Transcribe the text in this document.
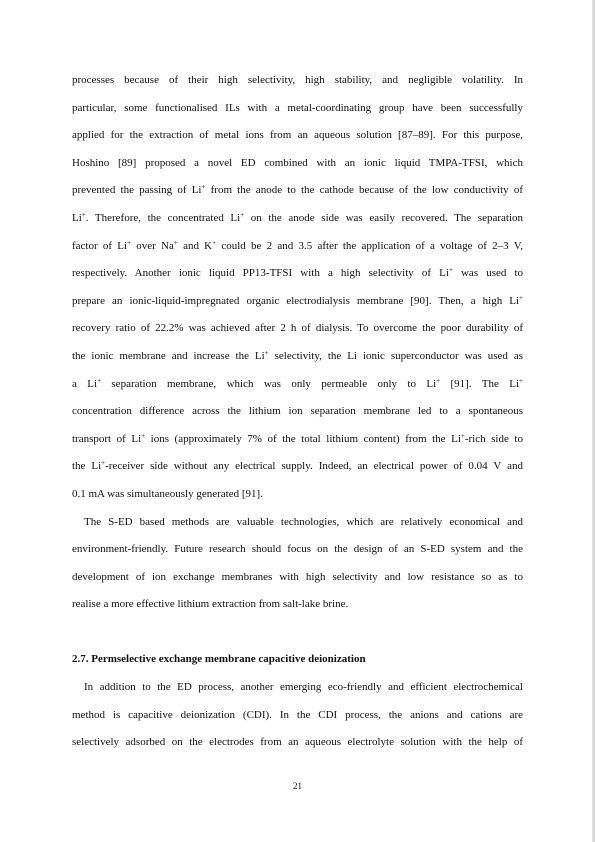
processes because of their high selectivity, high stability, and negligible volatility. In
particular, some functionalised ILs with a metal-coordinating group have been successfully
applied for the extraction of metal ions from an aqueous solution [87–89]. For this purpose,
Hoshino [89] proposed a novel ED combined with an ionic liquid TMPA-TFSI, which
prevented the passing of Li+ from the anode to the cathode because of the low conductivity of
Li+. Therefore, the concentrated Li+ on the anode side was easily recovered. The separation
factor of Li+ over Na+ and K+ could be 2 and 3.5 after the application of a voltage of 2–3 V,
respectively. Another ionic liquid PP13-TFSI with a high selectivity of Li+ was used to
prepare an ionic-liquid-impregnated organic electrodialysis membrane [90]. Then, a high Li+
recovery ratio of 22.2% was achieved after 2 h of dialysis. To overcome the poor durability of
the ionic membrane and increase the Li+ selectivity, the Li ionic superconductor was used as
a Li+ separation membrane, which was only permeable only to Li+ [91]. The Li+
concentration difference across the lithium ion separation membrane led to a spontaneous
transport of Li+ ions (approximately 7% of the total lithium content) from the Li+-rich side to
the Li+-receiver side without any electrical supply. Indeed, an electrical power of 0.04 V and
0.1 mA was simultaneously generated [91].
The S-ED based methods are valuable technologies, which are relatively economical and
environment-friendly. Future research should focus on the design of an S-ED system and the
development of ion exchange membranes with high selectivity and low resistance so as to
realise a more effective lithium extraction from salt-lake brine.
2.7. Permselective exchange membrane capacitive deionization
In addition to the ED process, another emerging eco-friendly and efficient electrochemical
method is capacitive deionization (CDI). In the CDI process, the anions and cations are
selectively adsorbed on the electrodes from an aqueous electrolyte solution with the help of
21
